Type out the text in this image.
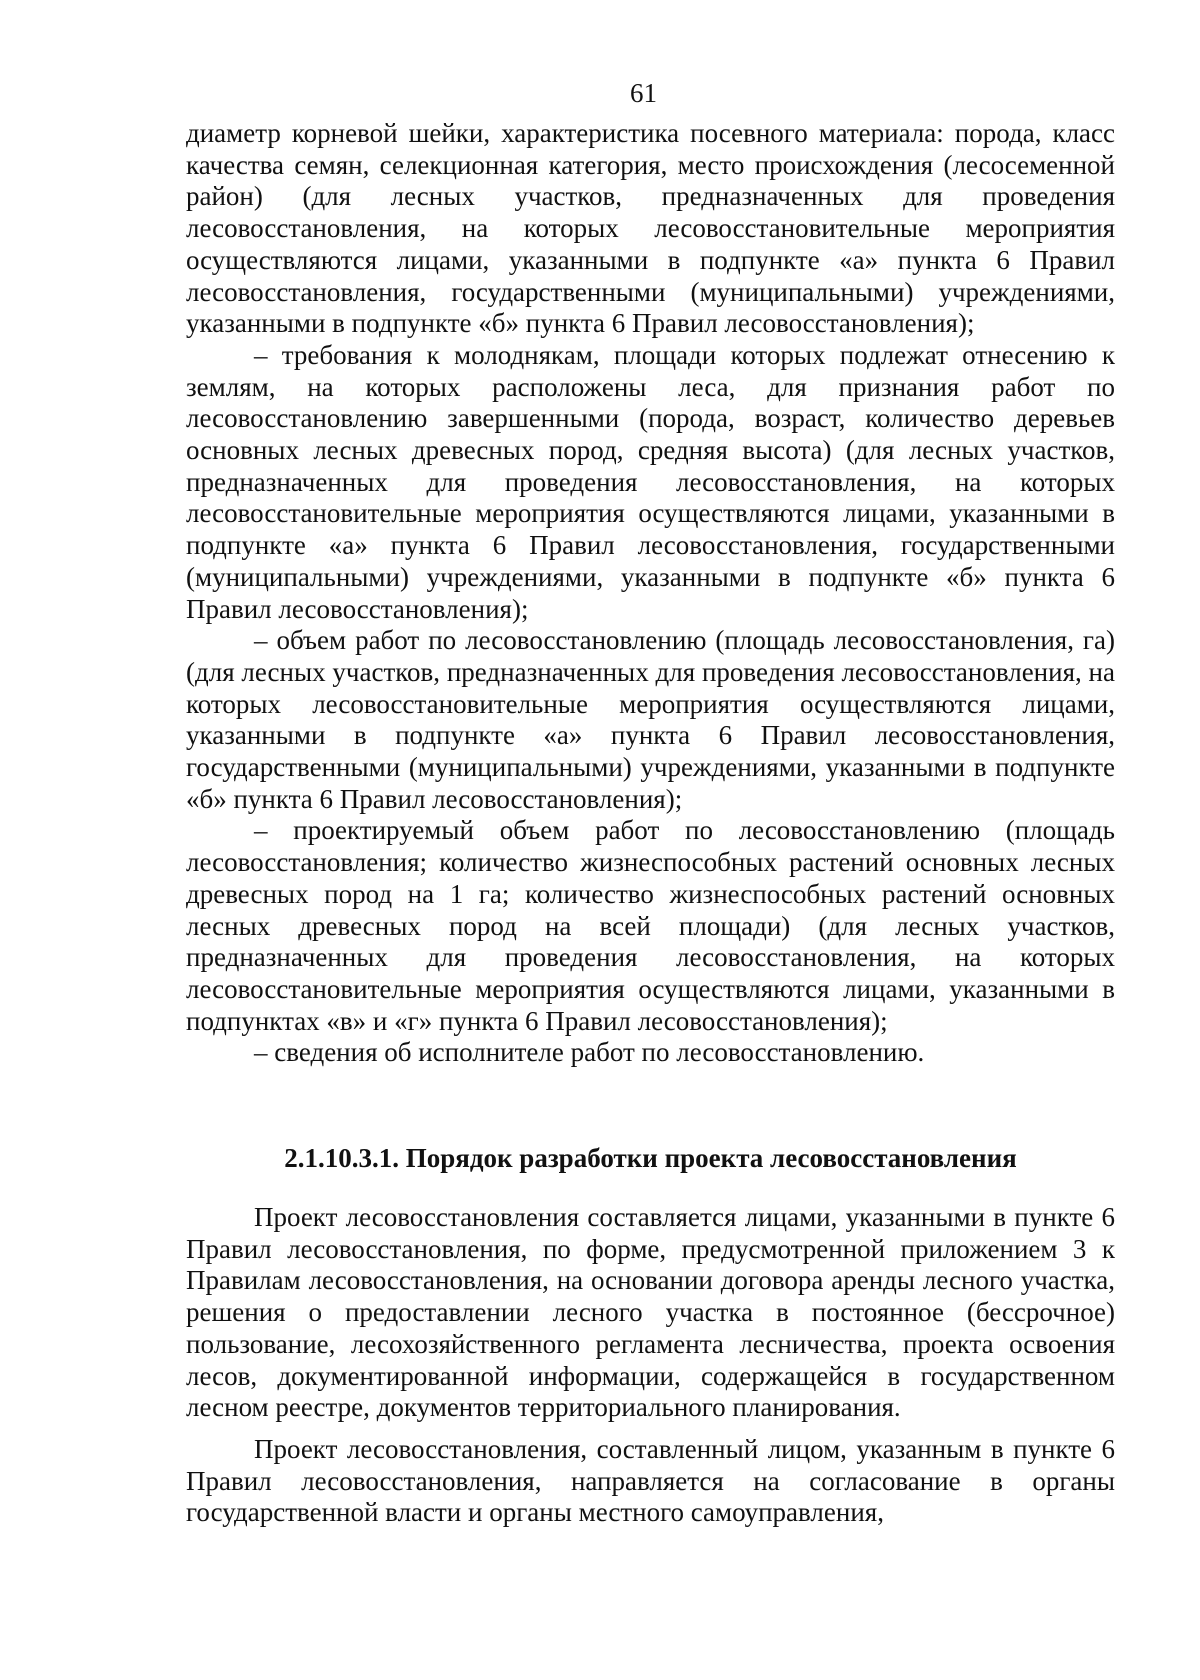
61

диаметр корневой шейки, характеристика посевного материала: порода, класс качества семян, селекционная категория, место происхождения (лесосеменной район) (для лесных участков, предназначенных для проведения лесовосстановления, на которых лесовосстановительные мероприятия осуществляются лицами, указанными в подпункте «а» пункта 6 Правил лесовосстановления, государственными (муниципальными) учреждениями, указанными в подпункте «б» пункта 6 Правил лесовосстановления);

– требования к молоднякам, площади которых подлежат отнесению к землям, на которых расположены леса, для признания работ по лесовосстановлению завершенными (порода, возраст, количество деревьев основных лесных древесных пород, средняя высота) (для лесных участков, предназначенных для проведения лесовосстановления, на которых лесовосстановительные мероприятия осуществляются лицами, указанными в подпункте «а» пункта 6 Правил лесовосстановления, государственными (муниципальными) учреждениями, указанными в подпункте «б» пункта 6 Правил лесовосстановления);

– объем работ по лесовосстановлению (площадь лесовосстановления, га) (для лесных участков, предназначенных для проведения лесовосстановления, на которых лесовосстановительные мероприятия осуществляются лицами, указанными в подпункте «а» пункта 6 Правил лесовосстановления, государственными (муниципальными) учреждениями, указанными в подпункте «б» пункта 6 Правил лесовосстановления);

– проектируемый объем работ по лесовосстановлению (площадь лесовосстановления; количество жизнеспособных растений основных лесных древесных пород на 1 га; количество жизнеспособных растений основных лесных древесных пород на всей площади) (для лесных участков, предназначенных для проведения лесовосстановления, на которых лесовосстановительные мероприятия осуществляются лицами, указанными в подпунктах «в» и «г» пункта 6 Правил лесовосстановления);

– сведения об исполнителе работ по лесовосстановлению.

2.1.10.3.1. Порядок разработки проекта лесовосстановления

Проект лесовосстановления составляется лицами, указанными в пункте 6 Правил лесовосстановления, по форме, предусмотренной приложением 3 к Правилам лесовосстановления, на основании договора аренды лесного участка, решения о предоставлении лесного участка в постоянное (бессрочное) пользование, лесохозяйственного регламента лесничества, проекта освоения лесов, документированной информации, содержащейся в государственном лесном реестре, документов территориального планирования.

Проект лесовосстановления, составленный лицом, указанным в пункте 6 Правил лесовосстановления, направляется на согласование в органы государственной власти и органы местного самоуправления,
